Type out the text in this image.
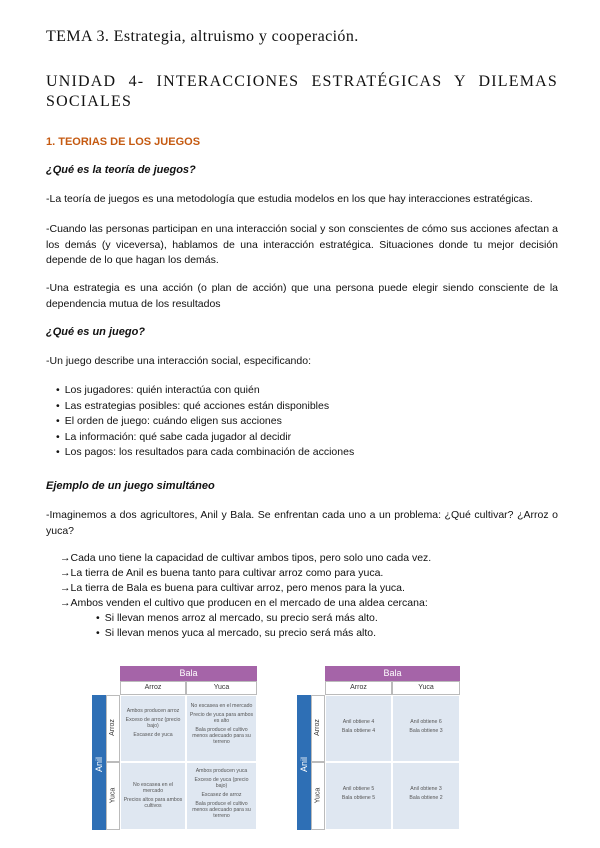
TEMA 3. Estrategia, altruismo y cooperación.
UNIDAD 4- INTERACCIONES ESTRATÉGICAS Y DILEMAS SOCIALES
1. TEORIAS DE LOS JUEGOS
¿Qué es la teoría de juegos?
-La teoría de juegos es una metodología que estudia modelos en los que hay interacciones estratégicas.
-Cuando las personas participan en una interacción social y son conscientes de cómo sus acciones afectan a los demás (y viceversa), hablamos de una interacción estratégica. Situaciones donde tu mejor decisión depende de lo que hagan los demás.
-Una estrategia es una acción (o plan de acción) que una persona puede elegir siendo consciente de la dependencia mutua de los resultados
¿Qué es un juego?
-Un juego describe una interacción social, especificando:
• Los jugadores: quién interactúa con quién
• Las estrategias posibles: qué acciones están disponibles
• El orden de juego: cuándo eligen sus acciones
• La información: qué sabe cada jugador al decidir
• Los pagos: los resultados para cada combinación de acciones
Ejemplo de un juego simultáneo
-Imaginemos a dos agricultores, Anil y Bala. Se enfrentan cada uno a un problema: ¿Qué cultivar? ¿Arroz o yuca?
→Cada uno tiene la capacidad de cultivar ambos tipos, pero solo uno cada vez.
→La tierra de Anil es buena tanto para cultivar arroz como para yuca.
→La tierra de Bala es buena para cultivar arroz, pero menos para la yuca.
→Ambos venden el cultivo que producen en el mercado de una aldea cercana:
• Si llevan menos arroz al mercado, su precio será más alto.
• Si llevan menos yuca al mercado, su precio será más alto.
Bala
Arroz	Yuca
Anil
Arroz
Yuca
Ambos producen arroz
Exceso de arroz (precio bajo)
Escasez de yuca
No escasea en el mercado
Precio de yuca para ambos es alto
Bala produce el cultivo menos adecuado para su terreno
No escasea en el mercado
Precios altos para ambos cultivos
Ambos producen yuca
Exceso de yuca (precio bajo)
Escasez de arroz
Bala produce el cultivo menos adecuado para su terreno
Bala
Arroz	Yuca
Anil
Arroz
Yuca
Anil obtiene 4
Bala obtiene 4
Anil obtiene 6
Bala obtiene 3
Anil obtiene 5
Bala obtiene 5
Anil obtiene 3
Bala obtiene 2
